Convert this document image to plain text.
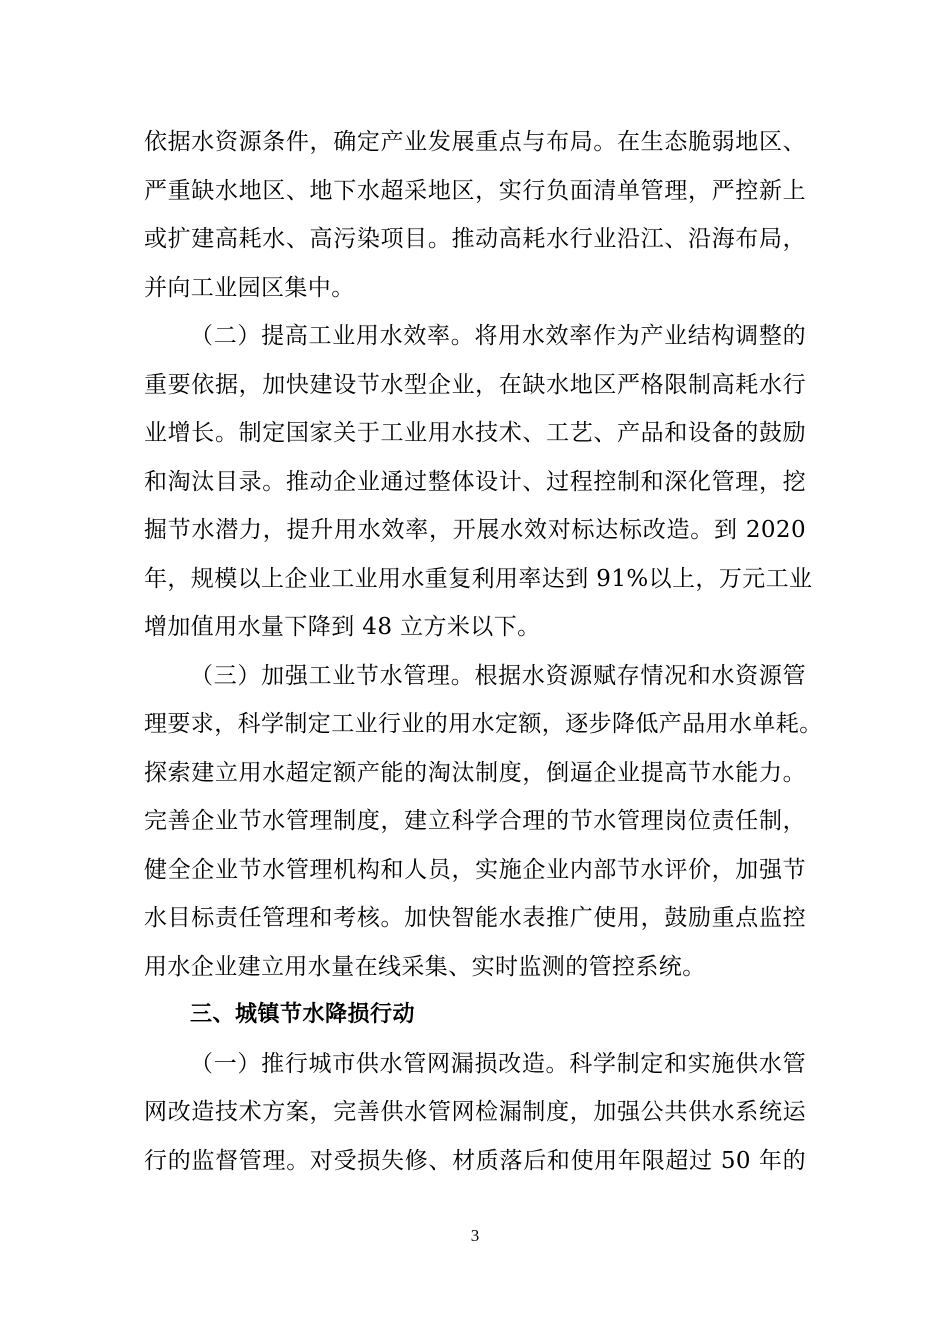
依据水资源条件，确定产业发展重点与布局。在生态脆弱地区、
严重缺水地区、地下水超采地区，实行负面清单管理，严控新上
或扩建高耗水、高污染项目。推动高耗水行业沿江、沿海布局，
并向工业园区集中。
（二）提高工业用水效率。将用水效率作为产业结构调整的
重要依据，加快建设节水型企业，在缺水地区严格限制高耗水行
业增长。制定国家关于工业用水技术、工艺、产品和设备的鼓励
和淘汰目录。推动企业通过整体设计、过程控制和深化管理，挖
掘节水潜力，提升用水效率，开展水效对标达标改造。到 2020
年，规模以上企业工业用水重复利用率达到 91%以上，万元工业
增加值用水量下降到 48 立方米以下。
（三）加强工业节水管理。根据水资源赋存情况和水资源管
理要求，科学制定工业行业的用水定额，逐步降低产品用水单耗。
探索建立用水超定额产能的淘汰制度，倒逼企业提高节水能力。
完善企业节水管理制度，建立科学合理的节水管理岗位责任制，
健全企业节水管理机构和人员，实施企业内部节水评价，加强节
水目标责任管理和考核。加快智能水表推广使用，鼓励重点监控
用水企业建立用水量在线采集、实时监测的管控系统。
三、城镇节水降损行动
（一）推行城市供水管网漏损改造。科学制定和实施供水管
网改造技术方案，完善供水管网检漏制度，加强公共供水系统运
行的监督管理。对受损失修、材质落后和使用年限超过 50 年的
3
